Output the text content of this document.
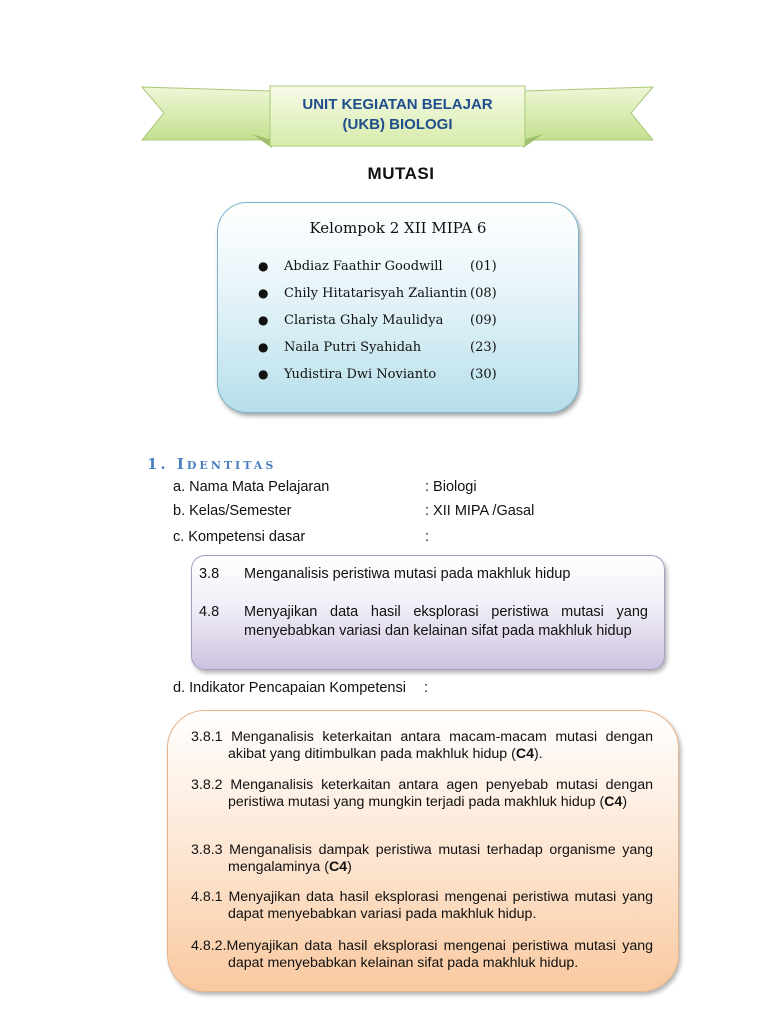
UNIT KEGIATAN BELAJAR
(UKB) BIOLOGI
MUTASI
Kelompok 2 XII MIPA 6
●	Abdiaz Faathir Goodwill	(01)
●	Chily Hitatarisyah Zaliantin (08)
●	Clarista Ghaly Maulidya	(09)
●	Naila Putri Syahidah	(23)
●	Yudistira Dwi Novianto	(30)
1. Identitas
a. Nama Mata Pelajaran	: Biologi
b. Kelas/Semester	: XII MIPA /Gasal
c. Kompetensi dasar	:
3.8	Menganalisis peristiwa mutasi pada makhluk hidup
4.8	Menyajikan data hasil eksplorasi peristiwa mutasi yang menyebabkan variasi dan kelainan sifat pada makhluk hidup
d. Indikator Pencapaian Kompetensi :
3.8.1 Menganalisis keterkaitan antara macam-macam mutasi dengan akibat yang ditimbulkan pada makhluk hidup (C4).
3.8.2 Menganalisis keterkaitan antara agen penyebab mutasi dengan peristiwa mutasi yang mungkin terjadi pada makhluk hidup (C4)
3.8.3 Menganalisis dampak peristiwa mutasi terhadap organisme yang mengalaminya (C4)
4.8.1 Menyajikan data hasil eksplorasi mengenai peristiwa mutasi yang dapat menyebabkan variasi pada makhluk hidup.
4.8.2.Menyajikan data hasil eksplorasi mengenai peristiwa mutasi yang dapat menyebabkan kelainan sifat pada makhluk hidup.
